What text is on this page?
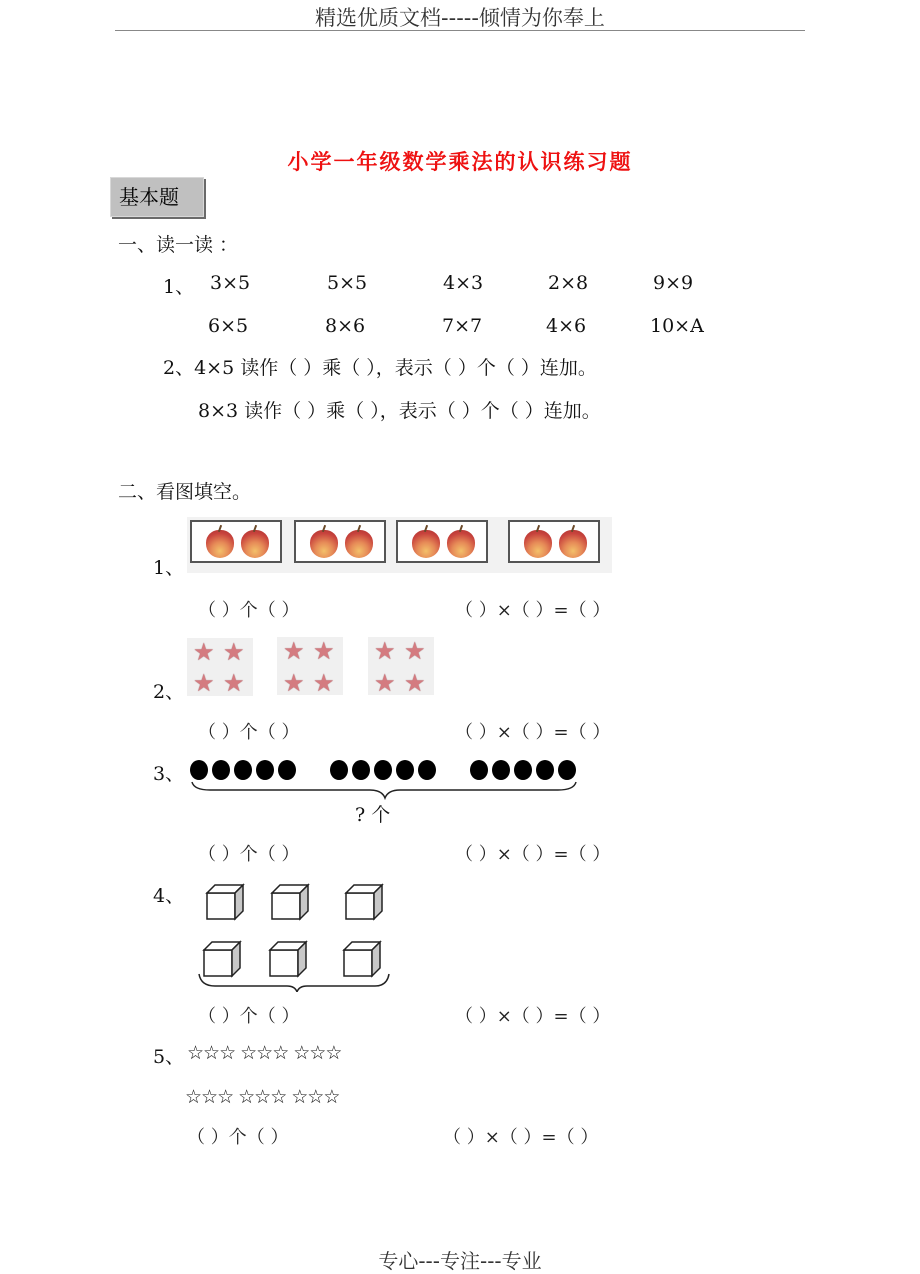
精选优质文档-----倾情为你奉上
小学一年级数学乘法的认识练习题
基本题
一、读一读 ：
1、 3×5	5×5	4×3	2×8	9×9
6×5	8×6	7×7	4×6	10×A
2、4×5 读作（ ）乘（ ），表示（ ）个（ ）连加。
8×3 读作（ ）乘（ ），表示（ ）个（ ）连加。
二、看图填空。
1、
（ ）个（ ）	（ ）×（ ）=（ ）
2、
★ ★
★ ★
★ ★
★ ★
★ ★
★ ★
（ ）个（ ）	（ ）×（ ）=（ ）
3、
? 个
（ ）个（ ）	（ ）×（ ）=（ ）
4、
（ ）个（ ）	（ ）×（ ）=（ ）
5、 ☆☆☆ ☆☆☆ ☆☆☆
☆☆☆ ☆☆☆ ☆☆☆
（ ）个（ ）	（ ）×（ ）=（ ）
专心---专注---专业
